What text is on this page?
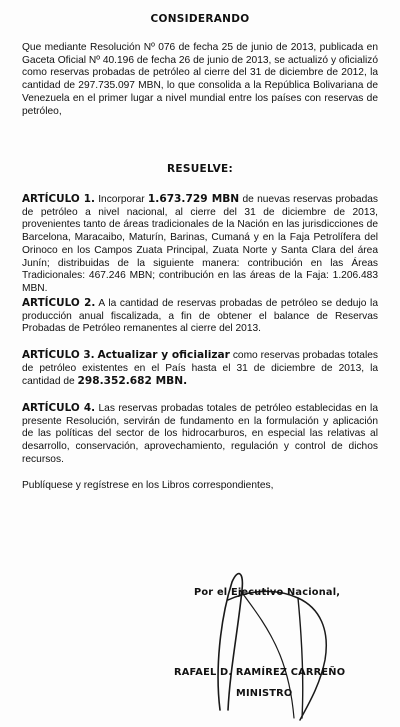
CONSIDERANDO

Que mediante Resolución Nº 076 de fecha 25 de junio de 2013, publicada en Gaceta Oficial Nº 40.196 de fecha 26 de junio de 2013, se actualizó y oficializó como reservas probadas de petróleo al cierre del 31 de diciembre de 2012, la cantidad de 297.735.097 MBN, lo que consolida a la República Bolivariana de Venezuela en el primer lugar a nivel mundial entre los países con reservas de petróleo,

RESUELVE:

ARTÍCULO 1. Incorporar 1.673.729 MBN de nuevas reservas probadas de petróleo a nivel nacional, al cierre del 31 de diciembre de 2013, provenientes tanto de áreas tradicionales de la Nación en las jurisdicciones de Barcelona, Maracaibo, Maturín, Barinas, Cumaná y en la Faja Petrolífera del Orinoco en los Campos Zuata Principal, Zuata Norte y Santa Clara del área Junín; distribuidas de la siguiente manera: contribución en las Áreas Tradicionales: 467.246 MBN; contribución en las áreas de la Faja: 1.206.483 MBN.

ARTÍCULO 2. A la cantidad de reservas probadas de petróleo se dedujo la producción anual fiscalizada, a fin de obtener el balance de Reservas Probadas de Petróleo remanentes al cierre del 2013.

ARTÍCULO 3. Actualizar y oficializar como reservas probadas totales de petróleo existentes en el País hasta el 31 de diciembre de 2013, la cantidad de 298.352.682 MBN.

ARTÍCULO 4. Las reservas probadas totales de petróleo establecidas en la presente Resolución, servirán de fundamento en la formulación y aplicación de las políticas del sector de los hidrocarburos, en especial las relativas al desarrollo, conservación, aprovechamiento, regulación y control de dichos recursos.

Publíquese y regístrese en los Libros correspondientes,

Por el Ejecutivo Nacional,
RAFAEL D. RAMÍREZ CARREÑO
MINISTRO
